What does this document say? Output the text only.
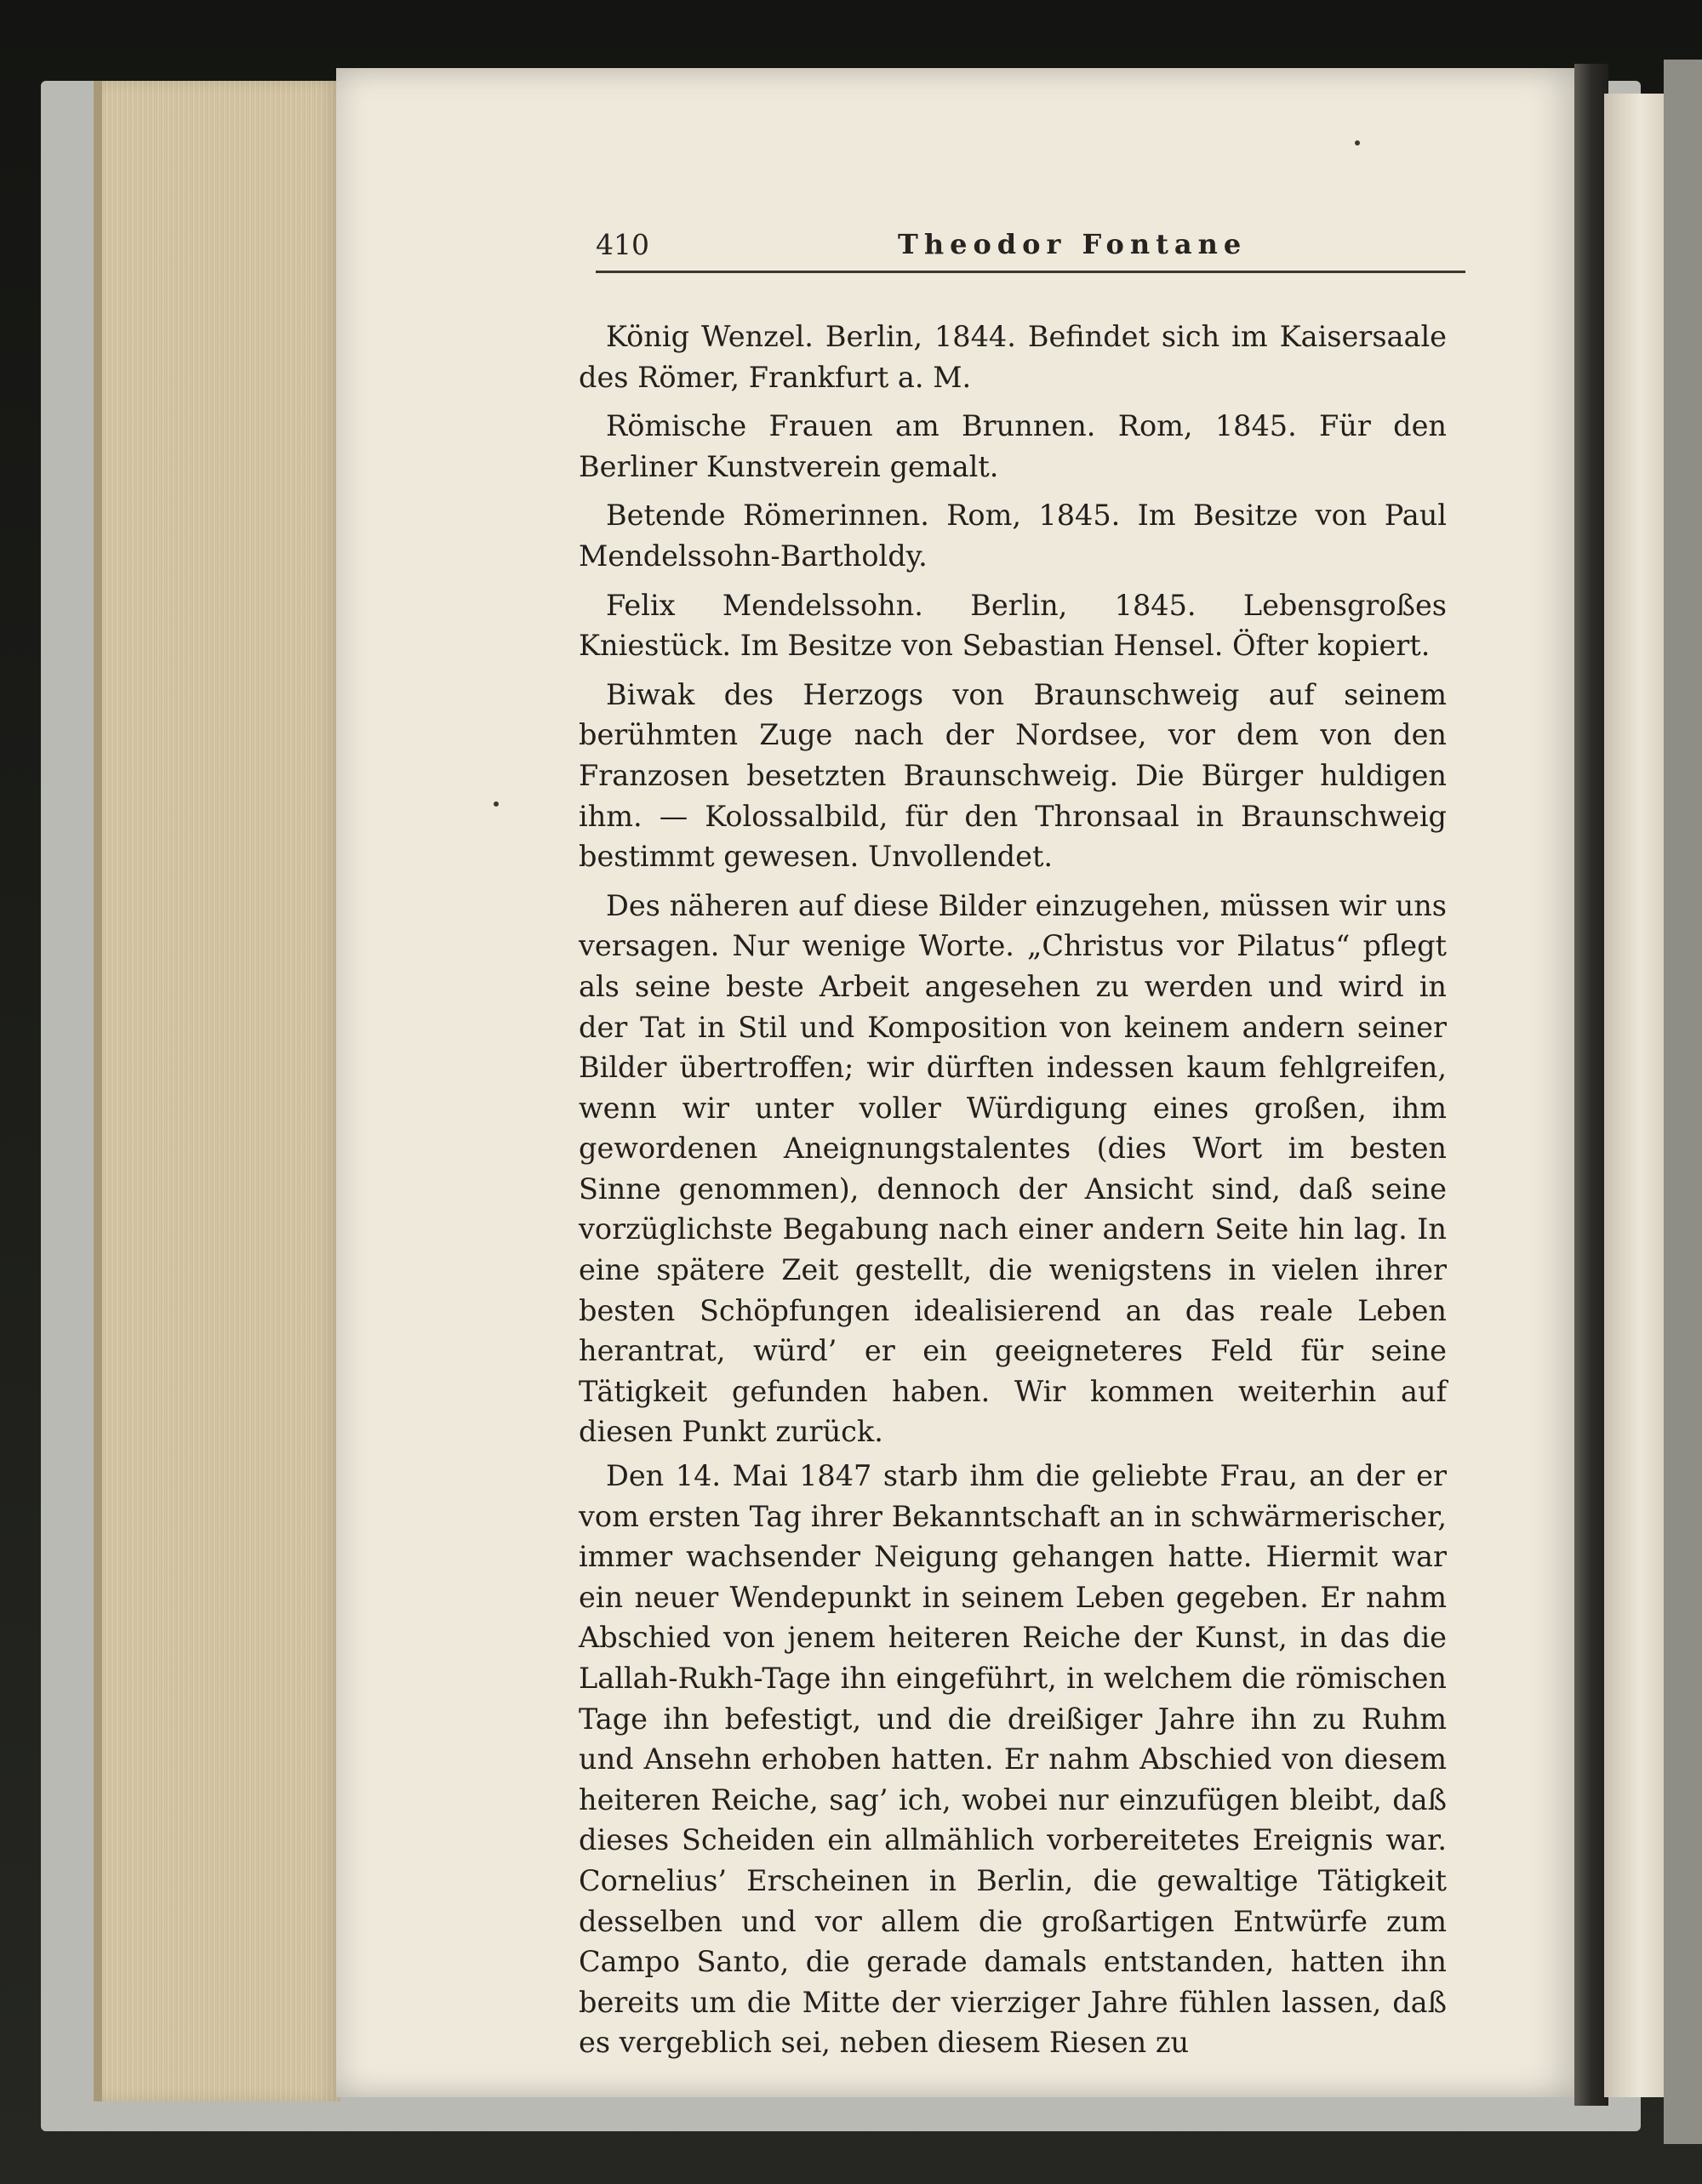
410	Theodor Fontane

König Wenzel. Berlin, 1844. Befindet sich im Kaisersaale des Römer, Frankfurt a. M.

Römische Frauen am Brunnen. Rom, 1845. Für den Berliner Kunstverein gemalt.

Betende Römerinnen. Rom, 1845. Im Besitze von Paul Mendelssohn-Bartholdy.

Felix Mendelssohn. Berlin, 1845. Lebensgroßes Kniestück. Im Besitze von Sebastian Hensel. Öfter kopiert.

Biwak des Herzogs von Braunschweig auf seinem berühmten Zuge nach der Nordsee, vor dem von den Franzosen besetzten Braunschweig. Die Bürger huldigen ihm. — Kolossalbild, für den Thronsaal in Braunschweig bestimmt gewesen. Unvollendet.

Des näheren auf diese Bilder einzugehen, müssen wir uns versagen. Nur wenige Worte. „Christus vor Pilatus“ pflegt als seine beste Arbeit angesehen zu werden und wird in der Tat in Stil und Komposition von keinem andern seiner Bilder übertroffen; wir dürften indessen kaum fehlgreifen, wenn wir unter voller Würdigung eines großen, ihm gewordenen Aneignungstalentes (dies Wort im besten Sinne genommen), dennoch der Ansicht sind, daß seine vorzüglichste Begabung nach einer andern Seite hin lag. In eine spätere Zeit gestellt, die wenigstens in vielen ihrer besten Schöpfungen idealisierend an das reale Leben herantrat, würd’ er ein geeigneteres Feld für seine Tätigkeit gefunden haben. Wir kommen weiterhin auf diesen Punkt zurück.

Den 14. Mai 1847 starb ihm die geliebte Frau, an der er vom ersten Tag ihrer Bekanntschaft an in schwärmerischer, immer wachsender Neigung gehangen hatte. Hiermit war ein neuer Wendepunkt in seinem Leben gegeben. Er nahm Abschied von jenem heiteren Reiche der Kunst, in das die Lallah-Rukh-Tage ihn eingeführt, in welchem die römischen Tage ihn befestigt, und die dreißiger Jahre ihn zu Ruhm und Ansehn erhoben hatten. Er nahm Abschied von diesem heiteren Reiche, sag’ ich, wobei nur einzufügen bleibt, daß dieses Scheiden ein allmählich vorbereitetes Ereignis war. Cornelius’ Erscheinen in Berlin, die gewaltige Tätigkeit desselben und vor allem die großartigen Entwürfe zum Campo Santo, die gerade damals entstanden, hatten ihn bereits um die Mitte der vierziger Jahre fühlen lassen, daß es vergeblich sei, neben diesem Riesen zu
